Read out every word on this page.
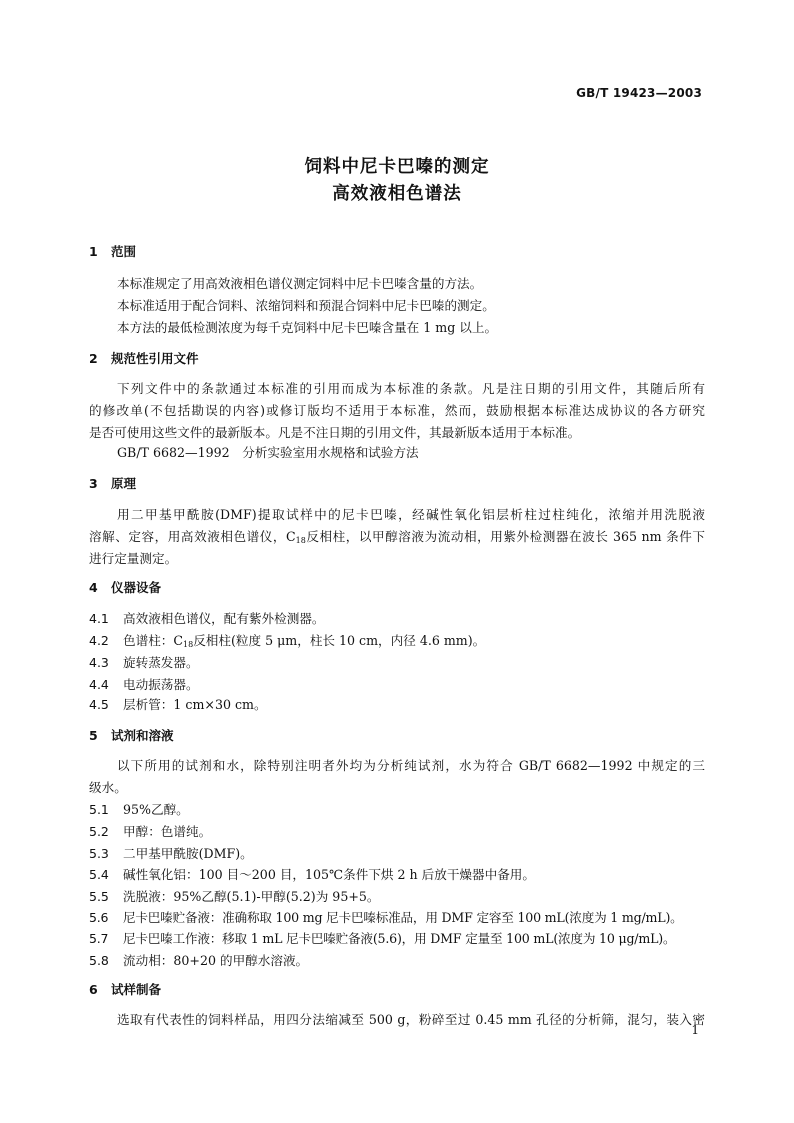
GB/T 19423—2003
饲料中尼卡巴嗪的测定
高效液相色谱法
1 范围
本标准规定了用高效液相色谱仪测定饲料中尼卡巴嗪含量的方法。
本标准适用于配合饲料、浓缩饲料和预混合饲料中尼卡巴嗪的测定。
本方法的最低检测浓度为每千克饲料中尼卡巴嗪含量在 1 mg 以上。
2 规范性引用文件
下列文件中的条款通过本标准的引用而成为本标准的条款。凡是注日期的引用文件，其随后所有
的修改单(不包括勘误的内容)或修订版均不适用于本标准，然而，鼓励根据本标准达成协议的各方研究
是否可使用这些文件的最新版本。凡是不注日期的引用文件，其最新版本适用于本标准。
GB/T 6682—1992　分析实验室用水规格和试验方法
3 原理
用二甲基甲酰胺(DMF)提取试样中的尼卡巴嗪，经碱性氧化铝层析柱过柱纯化，浓缩并用洗脱液
溶解、定容，用高效液相色谱仪，$C_{18}$反相柱，以甲醇溶液为流动相，用紫外检测器在波长 365 nm 条件下
进行定量测定。
4 仪器设备
4.1 高效液相色谱仪，配有紫外检测器。
4.2 色谱柱：$C_{18}$反相柱(粒度 5 μm，柱长 10 cm，内径 4.6 mm)。
4.3 旋转蒸发器。
4.4 电动振荡器。
4.5 层析管：1 cm×30 cm。
5 试剂和溶液
以下所用的试剂和水，除特别注明者外均为分析纯试剂，水为符合 GB/T 6682—1992 中规定的三
级水。
5.1 95%乙醇。
5.2 甲醇：色谱纯。
5.3 二甲基甲酰胺(DMF)。
5.4 碱性氧化铝：100 目～200 目，105℃条件下烘 2 h 后放干燥器中备用。
5.5 洗脱液：95%乙醇(5.1)-甲醇(5.2)为 95+5。
5.6 尼卡巴嗪贮备液：准确称取 100 mg 尼卡巴嗪标准品，用 DMF 定容至 100 mL(浓度为 1 mg/mL)。
5.7 尼卡巴嗪工作液：移取 1 mL 尼卡巴嗪贮备液(5.6)，用 DMF 定量至 100 mL(浓度为 10 μg/mL)。
5.8 流动相：80+20 的甲醇水溶液。
6 试样制备
选取有代表性的饲料样品，用四分法缩减至 500 g，粉碎至过 0.45 mm 孔径的分析筛，混匀，装入密
1
